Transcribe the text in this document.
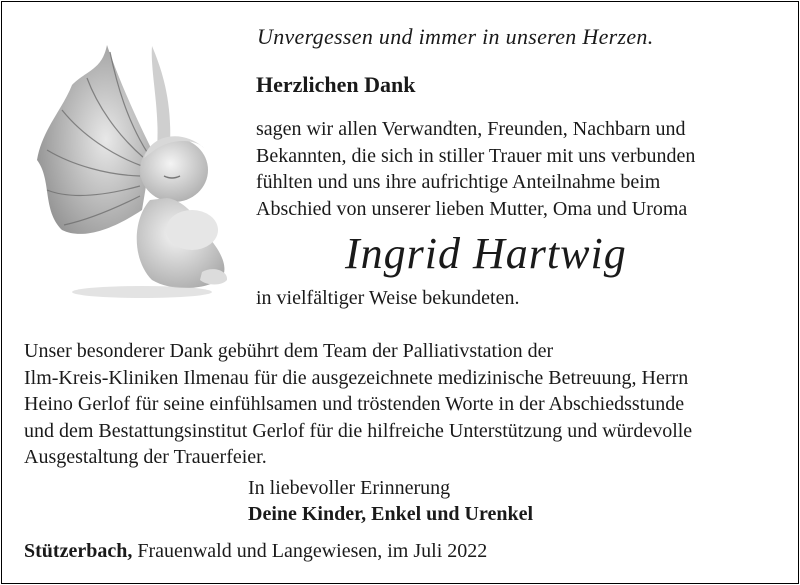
Unvergessen und immer in unseren Herzen.
Herzlichen Dank
sagen wir allen Verwandten, Freunden, Nachbarn und
Bekannten, die sich in stiller Trauer mit uns verbunden
fühlten und uns ihre aufrichtige Anteilnahme beim
Abschied von unserer lieben Mutter, Oma und Uroma
Ingrid Hartwig
in vielfältiger Weise bekundeten.
Unser besonderer Dank gebührt dem Team der Palliativstation der
Ilm-Kreis-Kliniken Ilmenau für die ausgezeichnete medizinische Betreuung, Herrn
Heino Gerlof für seine einfühlsamen und tröstenden Worte in der Abschiedsstunde
und dem Bestattungsinstitut Gerlof für die hilfreiche Unterstützung und würdevolle
Ausgestaltung der Trauerfeier.
In liebevoller Erinnerung
Deine Kinder, Enkel und Urenkel
Stützerbach, Frauenwald und Langewiesen, im Juli 2022
